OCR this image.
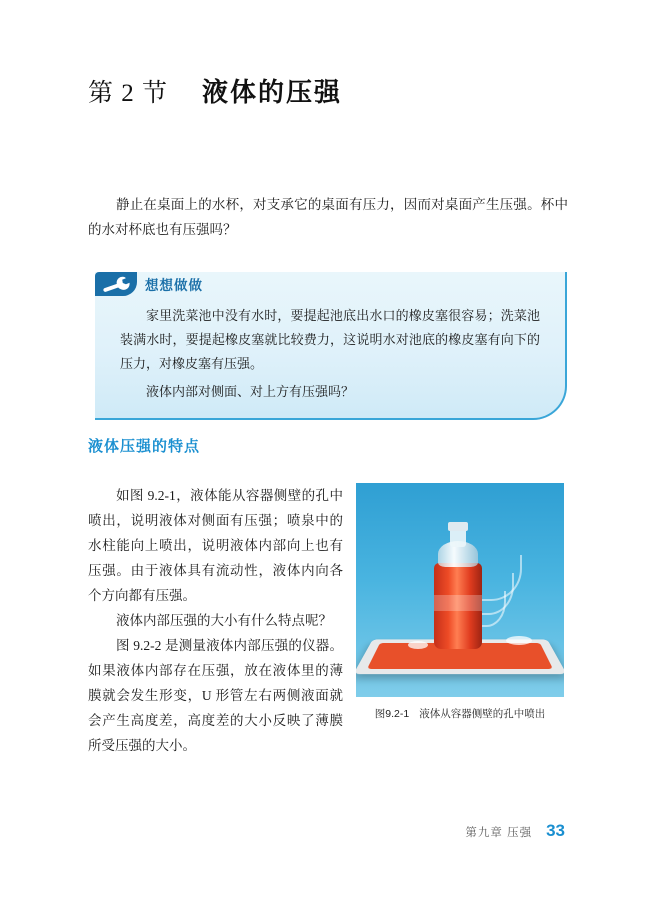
第 2 节 液体的压强
静止在桌面上的水杯，对支承它的桌面有压力，因而对桌面产生压强。杯中的水对杯底也有压强吗？
想想做做

家里洗菜池中没有水时，要提起池底出水口的橡皮塞很容易；洗菜池装满水时，要提起橡皮塞就比较费力，这说明水对池底的橡皮塞有向下的压力，对橡皮塞有压强。

液体内部对侧面、对上方有压强吗？

液体压强的特点

如图 9.2-1，液体能从容器侧壁的孔中喷出，说明液体对侧面有压强；喷泉中的水柱能向上喷出，说明液体内部向上也有压强。由于液体具有流动性，液体内向各个方向都有压强。

液体内部压强的大小有什么特点呢？

图 9.2-2 是测量液体内部压强的仪器。如果液体内部存在压强，放在液体里的薄膜就会发生形变，U 形管左右两侧液面就会产生高度差，高度差的大小反映了薄膜所受压强的大小。

图9.2-1 液体从容器侧壁的孔中喷出
第九章 压强 33
